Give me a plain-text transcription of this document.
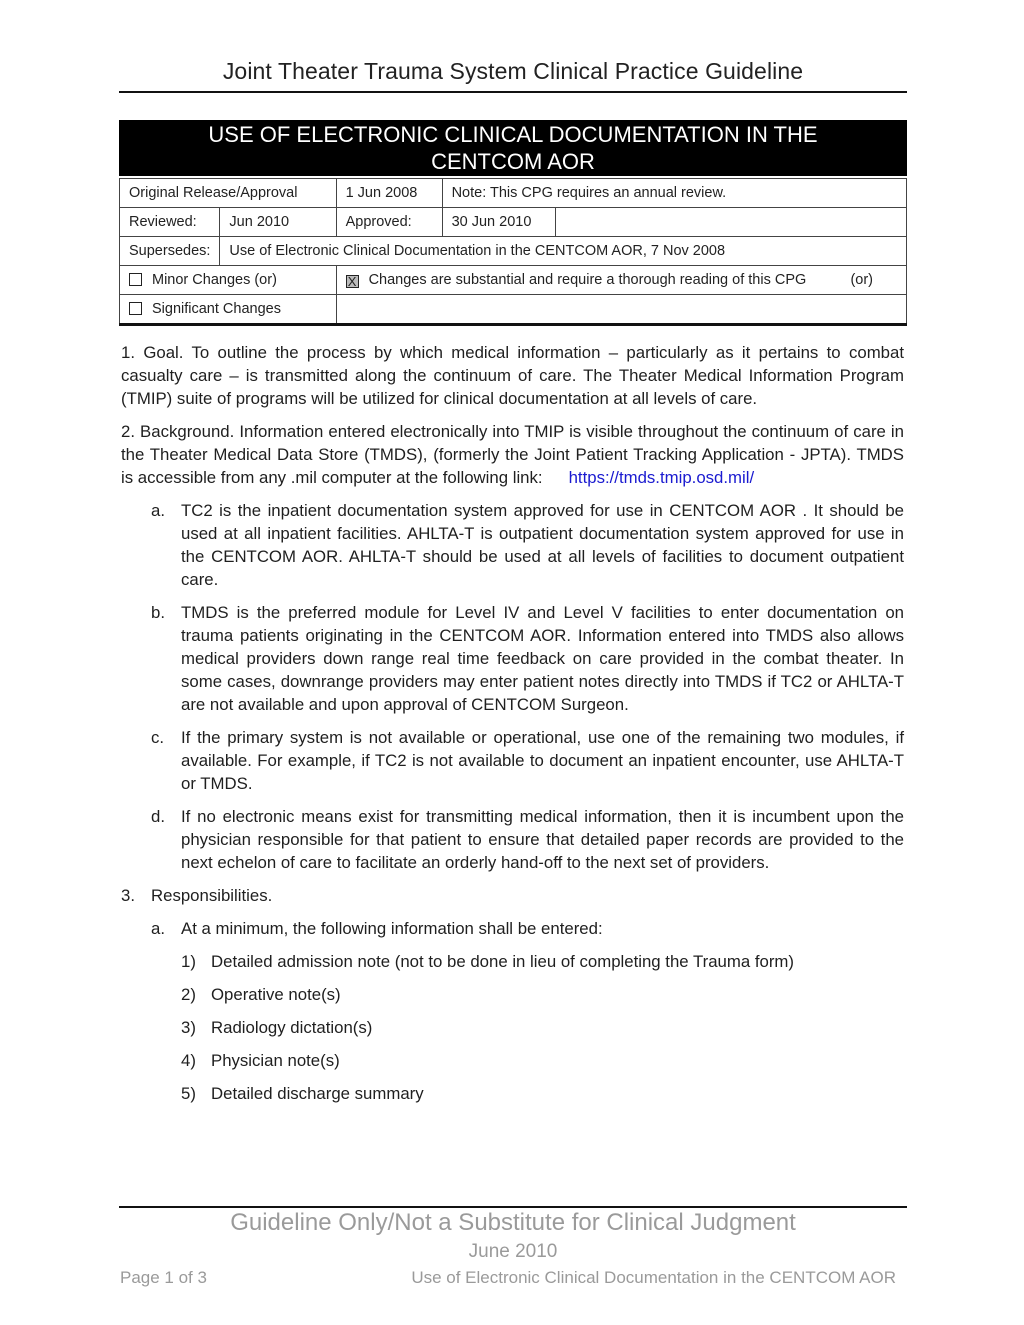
Joint Theater Trauma System Clinical Practice Guideline
USE OF ELECTRONIC CLINICAL DOCUMENTATION IN THE
CENTCOM AOR
Original Release/Approval		1 Jun 2008	Note: This CPG requires an annual review.	
Reviewed:	Jun 2010	Approved:	30 Jun 2010	
Supersedes:	Use of Electronic Clinical Documentation in the CENTCOM AOR, 7 Nov 2008			
Minor Changes (or)		X Changes are substantial and require a thorough reading of this CPG (or)		

Significant Changes				

1. Goal. To outline the process by which medical information – particularly as it pertains to combat casualty care – is transmitted along the continuum of care. The Theater Medical Information Program (TMIP) suite of programs will be utilized for clinical documentation at all levels of care.

2. Background. Information entered electronically into TMIP is visible throughout the continuum of care in the Theater Medical Data Store (TMDS), (formerly the Joint Patient Tracking Application - JPTA). TMDS is accessible from any .mil computer at the following link: https://tmds.tmip.osd.mil/

a. TC2 is the inpatient documentation system approved for use in CENTCOM AOR . It should be used at all inpatient facilities. AHLTA-T is outpatient documentation system approved for use in the CENTCOM AOR. AHLTA-T should be used at all levels of facilities to document outpatient care.
b. TMDS is the preferred module for Level IV and Level V facilities to enter documentation on trauma patients originating in the CENTCOM AOR. Information entered into TMDS also allows medical providers down range real time feedback on care provided in the combat theater. In some cases, downrange providers may enter patient notes directly into TMDS if TC2 or AHLTA-T are not available and upon approval of CENTCOM Surgeon.
c. If the primary system is not available or operational, use one of the remaining two modules, if available. For example, if TC2 is not available to document an inpatient encounter, use AHLTA-T or TMDS.
d. If no electronic means exist for transmitting medical information, then it is incumbent upon the physician responsible for that patient to ensure that detailed paper records are provided to the next echelon of care to facilitate an orderly hand-off to the next set of providers.
3. Responsibilities.
a. At a minimum, the following information shall be entered:
1) Detailed admission note (not to be done in lieu of completing the Trauma form)
2) Operative note(s)
3) Radiology dictation(s)
4) Physician note(s)
5) Detailed discharge summary
Guideline Only/Not a Substitute for Clinical Judgment
June 2010
Page 1 of 3	Use of Electronic Clinical Documentation in the CENTCOM AOR
